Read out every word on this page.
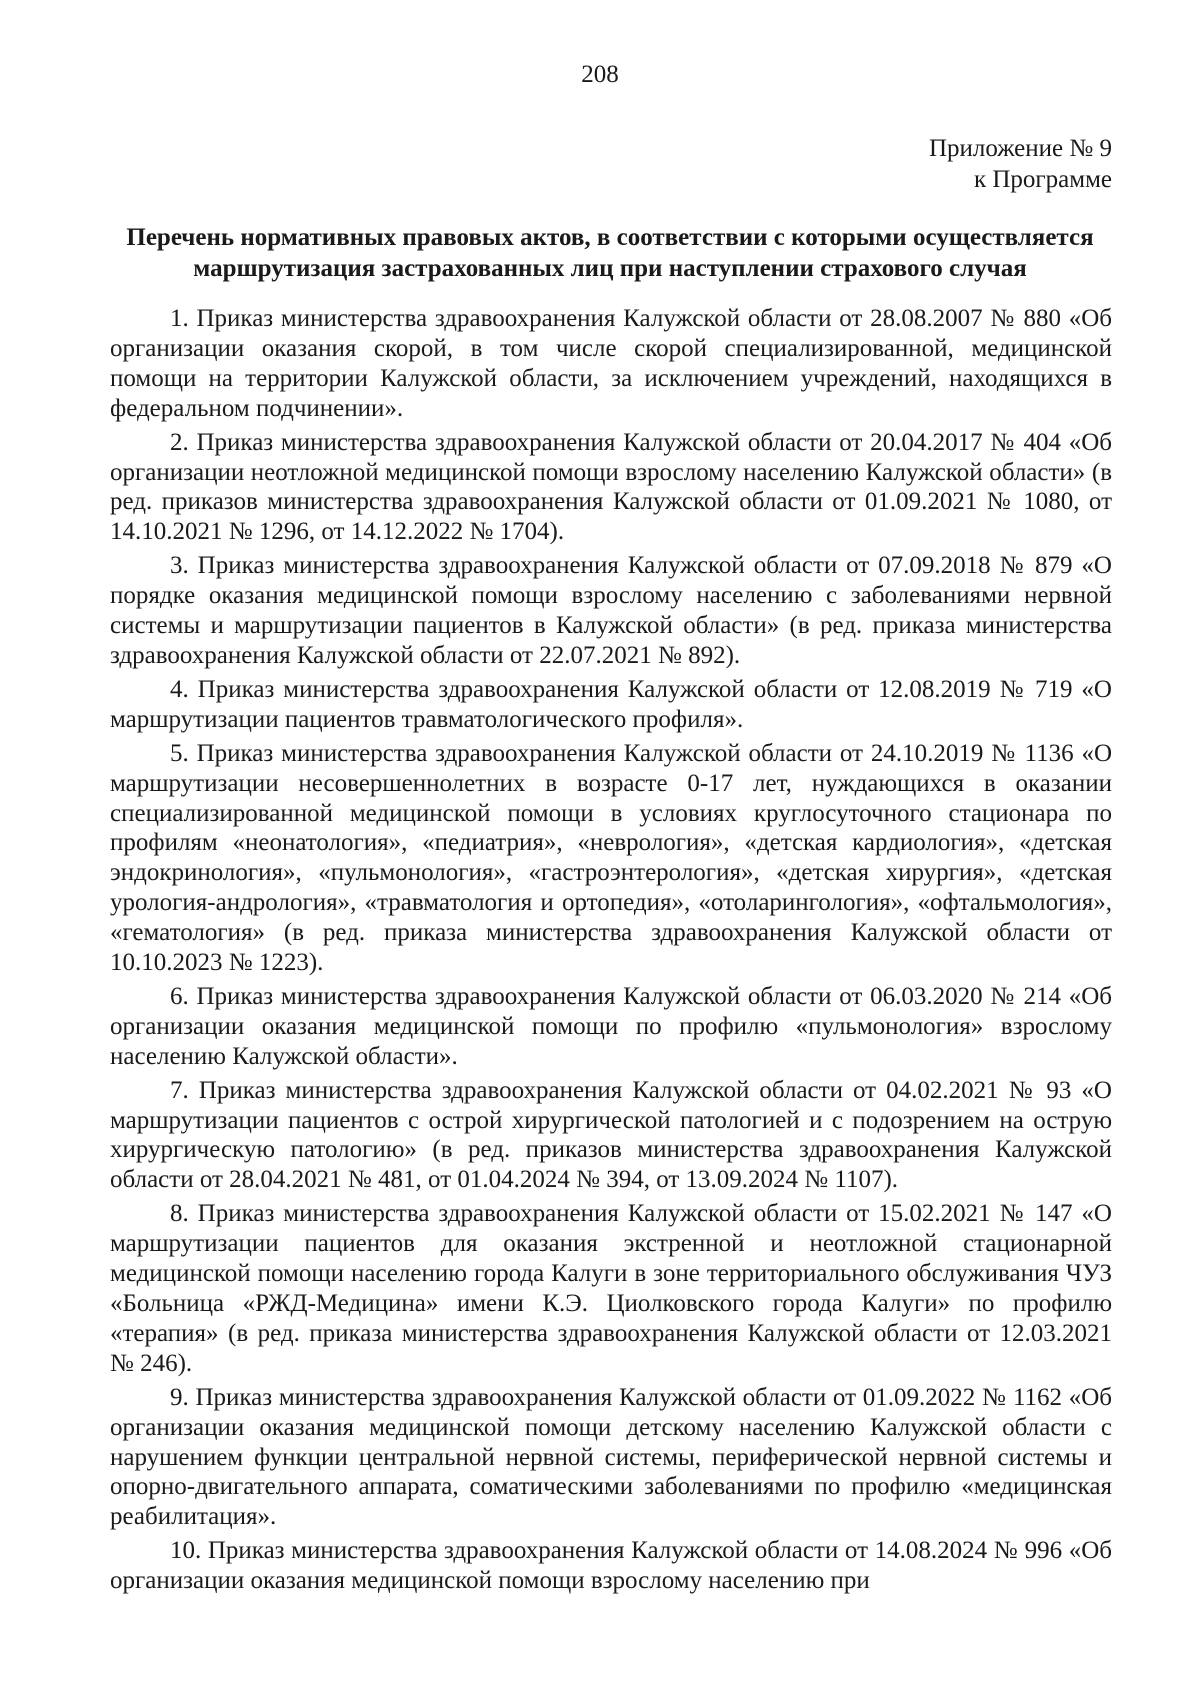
208
Приложение № 9
к Программе
Перечень нормативных правовых актов, в соответствии с которыми осуществляется
маршрутизация застрахованных лиц при наступлении страхового случая

1. Приказ министерства здравоохранения Калужской области от 28.08.2007 № 880 «Об организации оказания скорой, в том числе скорой специализированной, медицинской помощи на территории Калужской области, за исключением учреждений, находящихся в федеральном подчинении».

2. Приказ министерства здравоохранения Калужской области от 20.04.2017 № 404 «Об организации неотложной медицинской помощи взрослому населению Калужской области» (в ред. приказов министерства здравоохранения Калужской области от 01.09.2021 № 1080, от 14.10.2021 № 1296, от 14.12.2022 № 1704).

3. Приказ министерства здравоохранения Калужской области от 07.09.2018 № 879 «О порядке оказания медицинской помощи взрослому населению с заболеваниями нервной системы и маршрутизации пациентов в Калужской области» (в ред. приказа министерства здравоохранения Калужской области от 22.07.2021 № 892).

4. Приказ министерства здравоохранения Калужской области от 12.08.2019 № 719 «О маршрутизации пациентов травматологического профиля».

5. Приказ министерства здравоохранения Калужской области от 24.10.2019 № 1136 «О маршрутизации несовершеннолетних в возрасте 0-17 лет, нуждающихся в оказании специализированной медицинской помощи в условиях круглосуточного стационара по профилям «неонатология», «педиатрия», «неврология», «детская кардиология», «детская эндокринология», «пульмонология», «гастроэнтерология», «детская хирургия», «детская урология-андрология», «травматология и ортопедия», «отоларингология», «офтальмология», «гематология» (в ред. приказа министерства здравоохранения Калужской области от 10.10.2023 № 1223).

6. Приказ министерства здравоохранения Калужской области от 06.03.2020 № 214 «Об организации оказания медицинской помощи по профилю «пульмонология» взрослому населению Калужской области».

7. Приказ министерства здравоохранения Калужской области от 04.02.2021 № 93 «О маршрутизации пациентов с острой хирургической патологией и с подозрением на острую хирургическую патологию» (в ред. приказов министерства здравоохранения Калужской области от 28.04.2021 № 481, от 01.04.2024 № 394, от 13.09.2024 № 1107).

8. Приказ министерства здравоохранения Калужской области от 15.02.2021 № 147 «О маршрутизации пациентов для оказания экстренной и неотложной стационарной медицинской помощи населению города Калуги в зоне территориального обслуживания ЧУЗ «Больница «РЖД-Медицина» имени К.Э. Циолковского города Калуги» по профилю «терапия» (в ред. приказа министерства здравоохранения Калужской области от 12.03.2021 № 246).

9. Приказ министерства здравоохранения Калужской области от 01.09.2022 № 1162 «Об организации оказания медицинской помощи детскому населению Калужской области с нарушением функции центральной нервной системы, периферической нервной системы и опорно-двигательного аппарата, соматическими заболеваниями по профилю «медицинская реабилитация».

10. Приказ министерства здравоохранения Калужской области от 14.08.2024 № 996 «Об организации оказания медицинской помощи взрослому населению при
